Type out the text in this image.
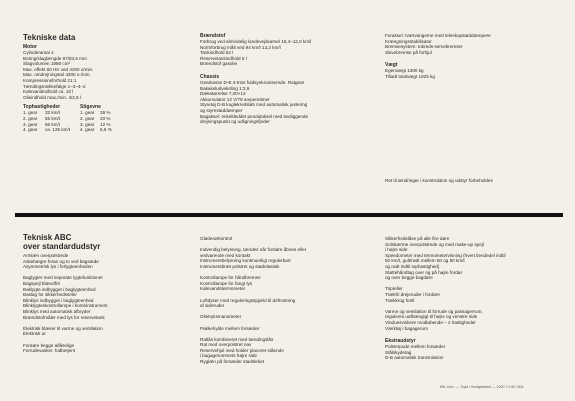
Tekniske data
Motor
Cylinderantal 4
Boring/slaglængde 87/83,6 mm
Slagvolumen 1988 cm³
Max. effekt 60 HK ved 4200 o/min.
Max. omdrejningstal 4300 o./min.
Kompressionsforhold 21:1
Tændingsrækkefølge 1–3–4–2
Kølevandindhold ca. 10 l
Olieindhold max./min. 4/2,5 l
Tophastigheder
1. gear	32 km/t
2. gear	55 km/t
3. gear	86 km/t
4. gear	ca. 125 km/t
Stigevne
1. gear	38 %
2. gear	20 %
3. gear	12 %
4. gear	6,5 %
Brændstof
Forbrug ved almindelig landevejskørsel 15,4–12,0 km/l
Normforbrug målt ved 94 km/t 13,2 km/l
Tankindhold 52 l
Reservetankindhold 5 l
Brændstof gasolie
Chassis
Gearkasse D-B 4-trins fuldsynkroniserede. Ratgear
Bakaksludveksling 1:3,9
Dækstørrelse 7,00×13
Akkumulator 12 V/78 amperetimer
Styretøj D-B kuglekredsløb med automatisk justering
og styrestøddæmper
Bagaksel: enkeltleddet pendulaksel med lavtliggende
drejningspunkt og udligningsfjeder
Forаksel: tværvangerne med teleskopstøddæmpere
Krængningsstabilisator
Bremsesystem: tokreds-servebremser
Skivebremse på forhjul
Vægt
Egenvægt 1300 kg
Tilladt totalvægt 1825 kg
Ret til ændringer i konstruktion og udstyr forbeholdes
Teknisk ABC
over standardudstyr
Armlæn overpolstrede
Askebægre foran og to ved bagsæde
Asymmetrisk lys i forlygteenheden
Baglygter med separate lygtefunktioner
Bagspejl blændfrit
Baklygte indbygget i baglygteenhed
Baslag for sikkerhedsseler
Blinklys indbygget i baglygteenhed
Blinklygteskontrollampe i kombinstrument
Blinklys med automatisk afbryder
Brændstofmåler med lys for reservetank
Elektrisk blæser til varme og ventilation
Elektrisk ur
Fordøre begge aflåselige
Forrudevasker, fodbetjent
Gløderørkontrol
Indvendig belysning, tændes når fordøre åbnes eller
vedvarende med kontakt
Instrumentbelysning kontinuerligt regulerbart
Instrumentbræt polstret og stødelastisk
Kontrollampe for håndbremse
Kontrollampe for fangt lys
Kølevandstermometer
Luftdyser med reguleringsspjæld til defrostning
af sideruder
Olietryksmanometer
Pakkehylde mellem forsæder
Ratlås kombineret med tændingslås
Rat med overpolstret nav
Reservehjul med holder placeret stående
i bagagerummets højre side
Ryglæn på forsæder stadskrket
Sikkerhedslåse på alle fire døre
Solskærme overpolstrede og med make-up spejl
i højre side
Speedometer med termometervisning (hvert tiendedel indtil
50 km/t, gult/rødt mellem 50 og 60 km/t
og rødt indtil tophastighed)
Støttehåndtag over og på højre fordør
og over begge bagdøre
Tripteller
Trækfri drejeruder i fordøre
Trækkrog fortil
Varme og ventilation til forrude og passagerrum,
reguleres uafhængigt til højre og venstre side
Vinduesviskere modløbende – 2 hastigheder
Værktøj i bagagerum
Ekstraudstyr
Polsterpude mellem forsæder
Stålskydetag
D-B automatisk transmission
Eftr. forb. — Trykt i Vesttyskland — 1000 7 II M / 504
